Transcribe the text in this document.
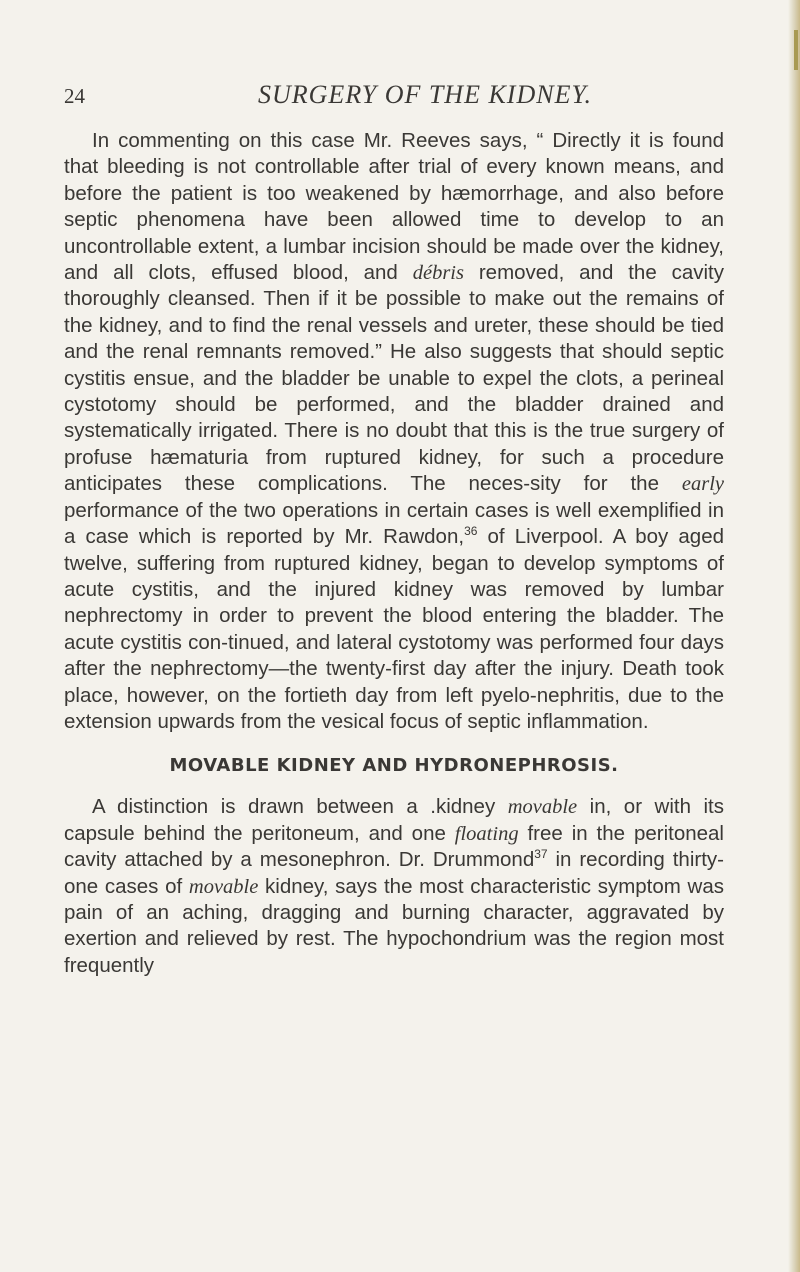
24	SURGERY OF THE KIDNEY.

In commenting on this case Mr. Reeves says, “ Directly it is found that bleeding is not controllable after trial of every known means, and before the patient is too weakened by hæmorrhage, and also before septic phenomena have been allowed time to develop to an uncontrollable extent, a lumbar incision should be made over the kidney, and all clots, effused blood, and débris removed, and the cavity thoroughly cleansed. Then if it be possible to make out the remains of the kidney, and to find the renal vessels and ureter, these should be tied and the renal remnants removed.” He also suggests that should septic cystitis ensue, and the bladder be unable to expel the clots, a perineal cystotomy should be performed, and the bladder drained and systematically irrigated. There is no doubt that this is the true surgery of profuse hæmaturia from ruptured kidney, for such a procedure anticipates these complications. The neces-sity for the early performance of the two operations in certain cases is well exemplified in a case which is reported by Mr. Rawdon,$^{36}$ of Liverpool. A boy aged twelve, suffering from ruptured kidney, began to develop symptoms of acute cystitis, and the injured kidney was removed by lumbar nephrectomy in order to prevent the blood entering the bladder. The acute cystitis con-tinued, and lateral cystotomy was performed four days after the nephrectomy—the twenty-first day after the injury. Death took place, however, on the fortieth day from left pyelo-nephritis, due to the extension upwards from the vesical focus of septic inflammation.

MOVABLE KIDNEY AND HYDRONEPHROSIS.

A distinction is drawn between a .kidney movable in, or with its capsule behind the peritoneum, and one floating free in the peritoneal cavity attached by a mesonephron. Dr. Drummond$^{37}$ in recording thirty-one cases of movable kidney, says the most characteristic symptom was pain of an aching, dragging and burning character, aggravated by exertion and relieved by rest. The hypochondrium was the region most frequently
